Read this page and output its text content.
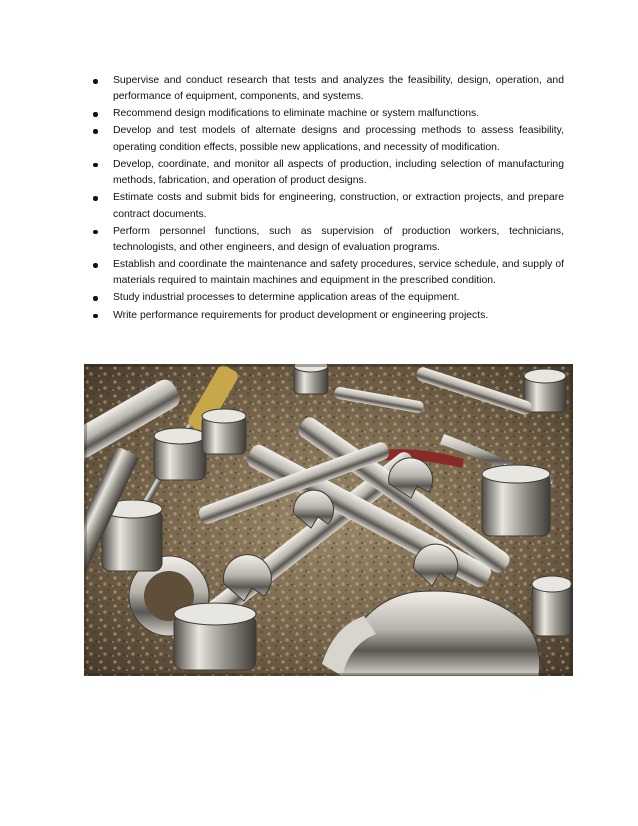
Supervise and conduct research that tests and analyzes the feasibility, design, operation, and performance of equipment, components, and systems.
Recommend design modifications to eliminate machine or system malfunctions.
Develop and test models of alternate designs and processing methods to assess feasibility, operating condition effects, possible new applications, and necessity of modification.
Develop, coordinate, and monitor all aspects of production, including selection of manufacturing methods, fabrication, and operation of product designs.
Estimate costs and submit bids for engineering, construction, or extraction projects, and prepare contract documents.
Perform personnel functions, such as supervision of production workers, technicians, technologists, and other engineers, and design of evaluation programs.
Establish and coordinate the maintenance and safety procedures, service schedule, and supply of materials required to maintain machines and equipment in the prescribed condition.
Study industrial processes to determine application areas of the equipment.
Write performance requirements for product development or engineering projects.
